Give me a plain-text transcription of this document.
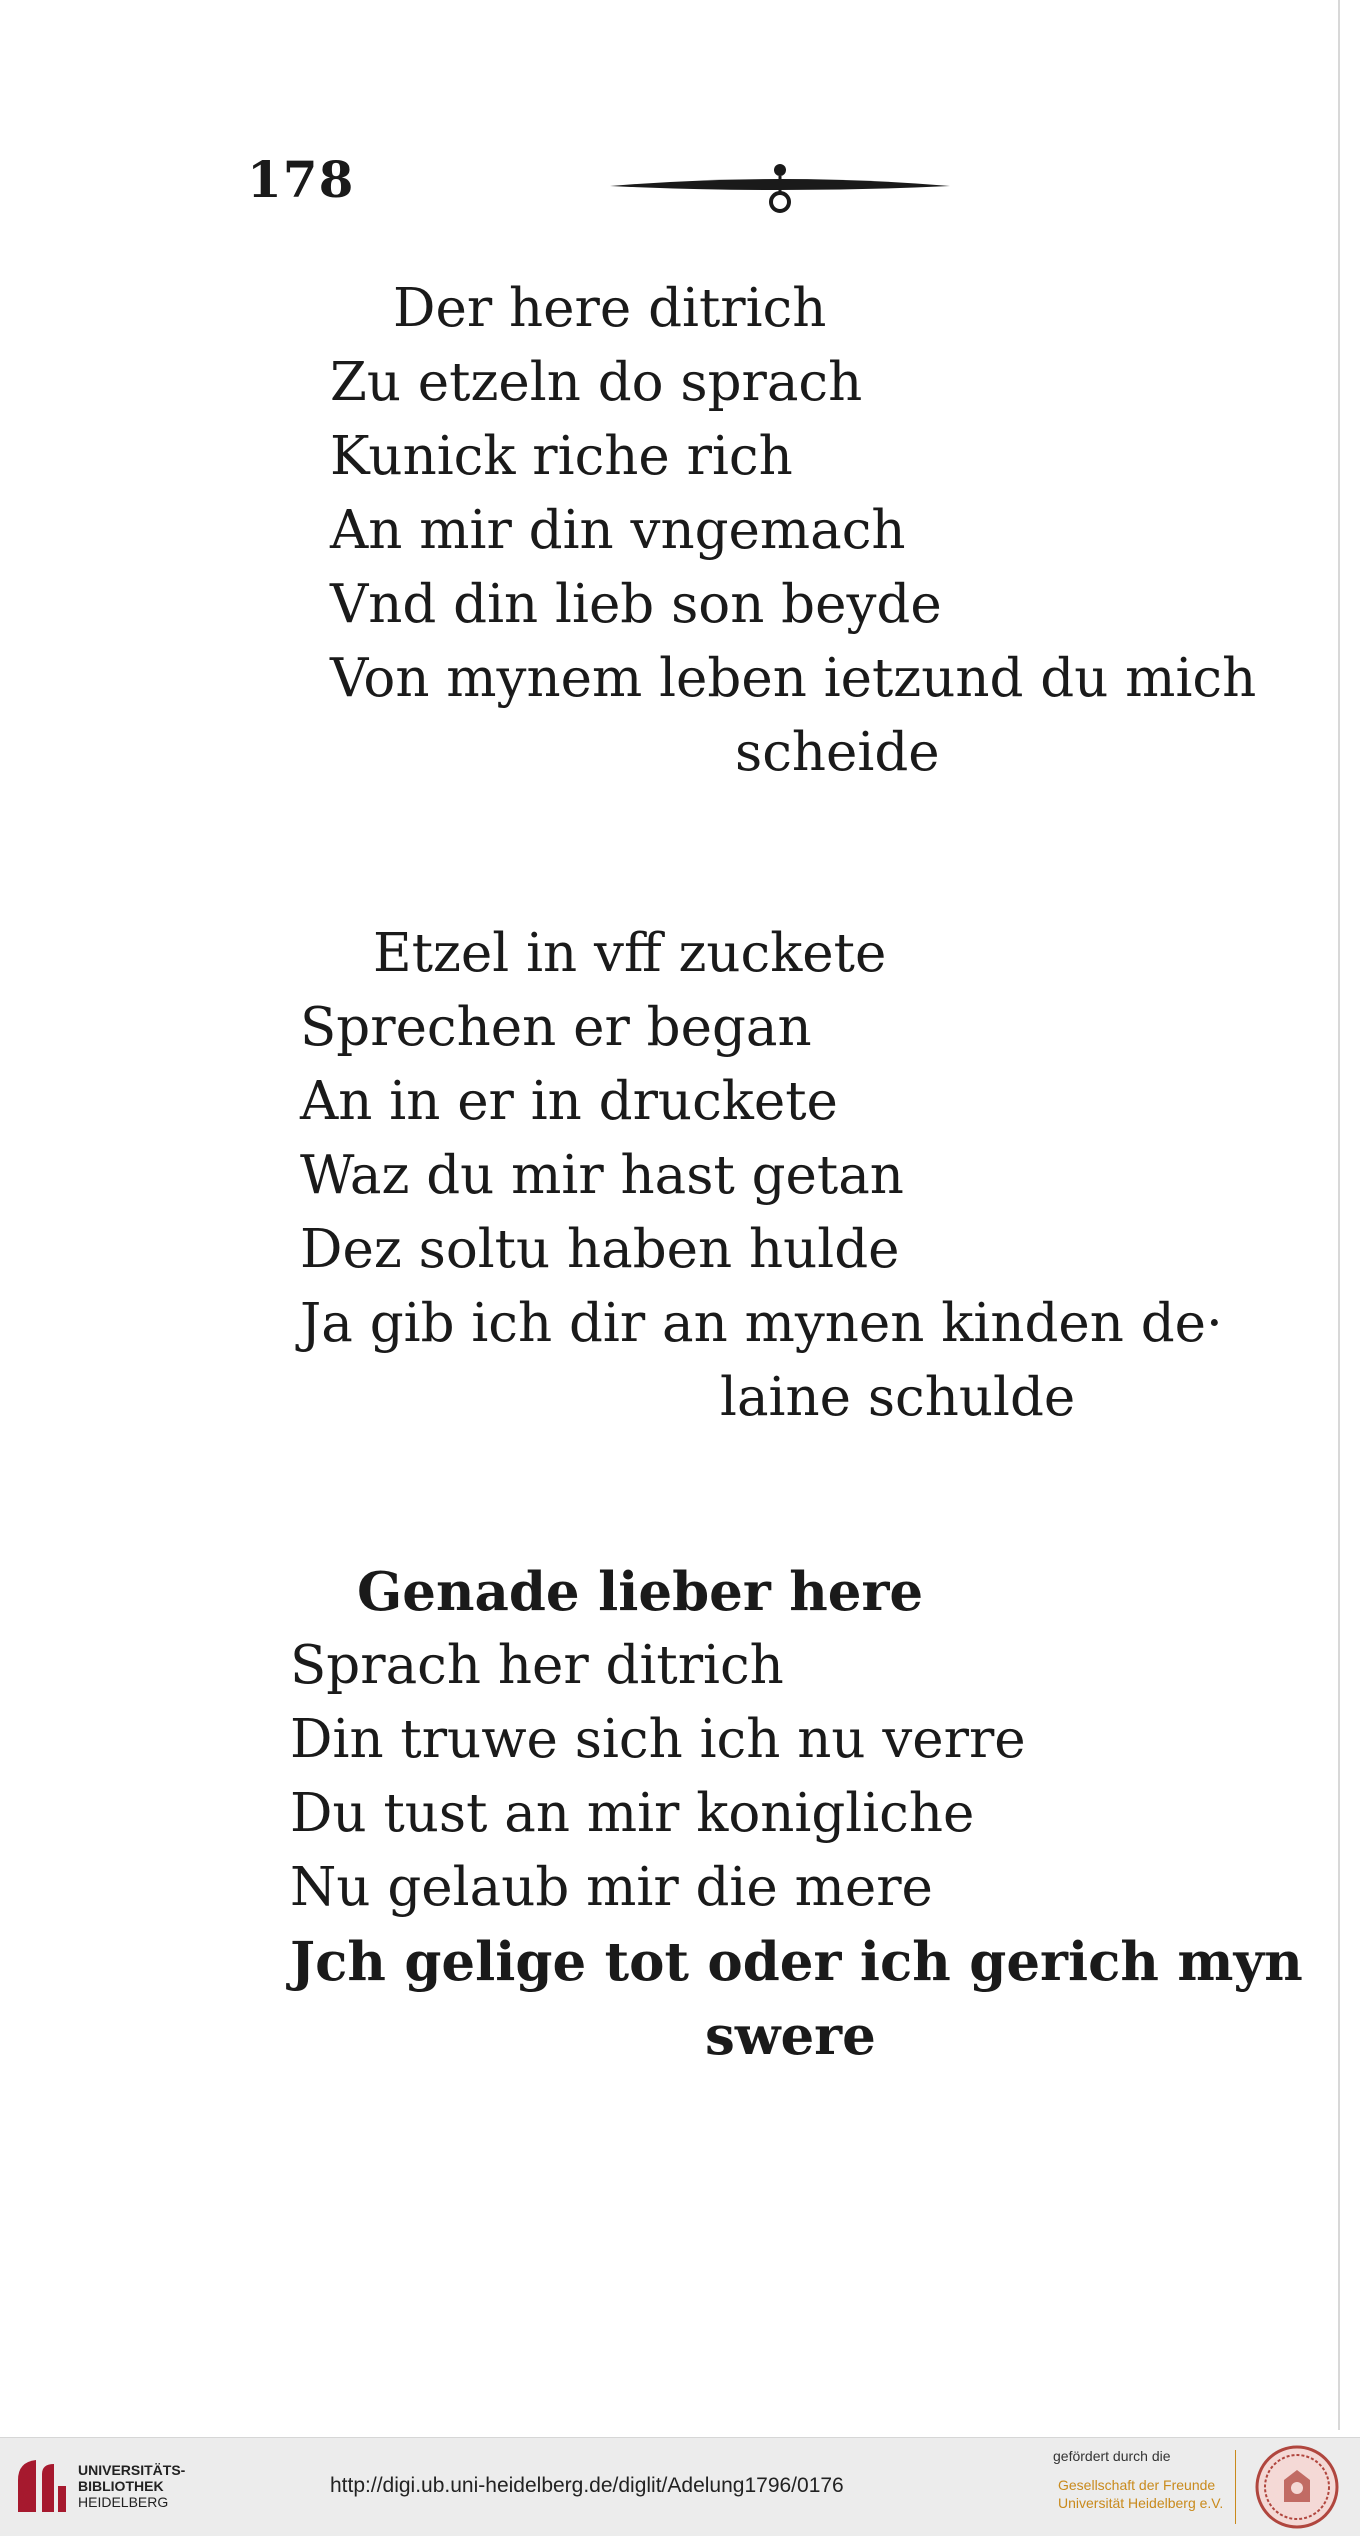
178
Der here ditrich
Zu etzeln do sprach
Kunick riche rich
An mir din vngemach
Vnd din lieb son beyde
Von mynem leben ietzund du mich
scheide
Etzel in vff zuckete
Sprechen er began
An in er in druckete
Waz du mir hast getan
Dez soltu haben hulde
Ja gib ich dir an mynen kinden de·
laine schulde
Genade lieber here
Sprach her ditrich
Din truwe sich ich nu verre
Du tust an mir konigliche
Nu gelaub mir die mere
Jch gelige tot oder ich gerich myn
swere
UNIVERSITÄTS-
BIBLIOTHEK
HEIDELBERG
http://digi.ub.uni-heidelberg.de/diglit/Adelung1796/0176
gefördert durch die
Gesellschaft der Freunde
Universität Heidelberg e.V.
